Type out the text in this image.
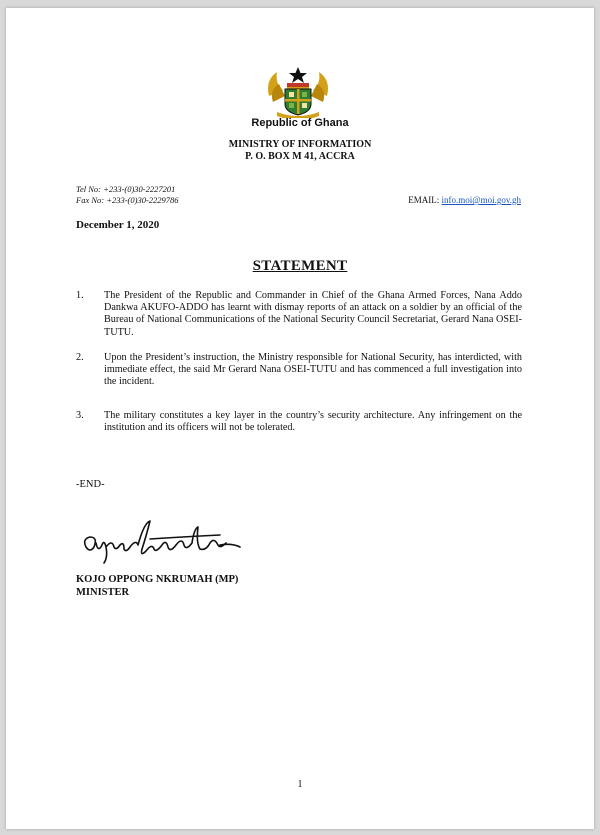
Republic of Ghana
MINISTRY OF INFORMATION
P. O. BOX M 41, ACCRA
Tel No: +233-(0)30-2227201
Fax No: +233-(0)30-2229786	EMAIL: info.moi@moi.gov.gh
December 1, 2020
STATEMENT
1. The President of the Republic and Commander in Chief of the Ghana Armed Forces, Nana Addo Dankwa AKUFO-ADDO has learnt with dismay reports of an attack on a soldier by an official of the Bureau of National Communications of the National Security Council Secretariat, Gerard Nana OSEI-TUTU.
2. Upon the President’s instruction, the Ministry responsible for National Security, has interdicted, with immediate effect, the said Mr Gerard Nana OSEI-TUTU and has commenced a full investigation into the incident.
3. The military constitutes a key layer in the country’s security architecture. Any infringement on the institution and its officers will not be tolerated.
-END-
KOJO OPPONG NKRUMAH (MP)
MINISTER
1
